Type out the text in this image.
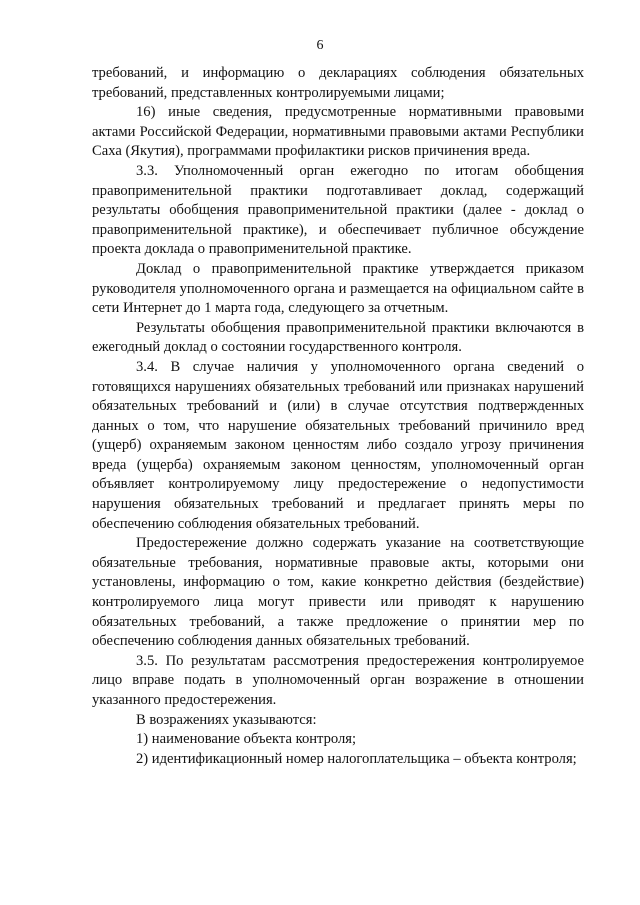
6

требований, и информацию о декларациях соблюдения обязательных требований, представленных контролируемыми лицами;

16) иные сведения, предусмотренные нормативными правовыми актами Российской Федерации, нормативными правовыми актами Республики Саха (Якутия), программами профилактики рисков причинения вреда.

3.3. Уполномоченный орган ежегодно по итогам обобщения правоприменительной практики подготавливает доклад, содержащий результаты обобщения правоприменительной практики (далее - доклад о правоприменительной практике), и обеспечивает публичное обсуждение проекта доклада о правоприменительной практике.

Доклад о правоприменительной практике утверждается приказом руководителя уполномоченного органа и размещается на официальном сайте в сети Интернет до 1 марта года, следующего за отчетным.

Результаты обобщения правоприменительной практики включаются в ежегодный доклад о состоянии государственного контроля.

3.4. В случае наличия у уполномоченного органа сведений о готовящихся нарушениях обязательных требований или признаках нарушений обязательных требований и (или) в случае отсутствия подтвержденных данных о том, что нарушение обязательных требований причинило вред (ущерб) охраняемым законом ценностям либо создало угрозу причинения вреда (ущерба) охраняемым законом ценностям, уполномоченный орган объявляет контролируемому лицу предостережение о недопустимости нарушения обязательных требований и предлагает принять меры по обеспечению соблюдения обязательных требований.

Предостережение должно содержать указание на соответствующие обязательные требования, нормативные правовые акты, которыми они установлены, информацию о том, какие конкретно действия (бездействие) контролируемого лица могут привести или приводят к нарушению обязательных требований, а также предложение о принятии мер по обеспечению соблюдения данных обязательных требований.

3.5. По результатам рассмотрения предостережения контролируемое лицо вправе подать в уполномоченный орган возражение в отношении указанного предостережения.

В возражениях указываются:

1) наименование объекта контроля;

2) идентификационный номер налогоплательщика – объекта контроля;
